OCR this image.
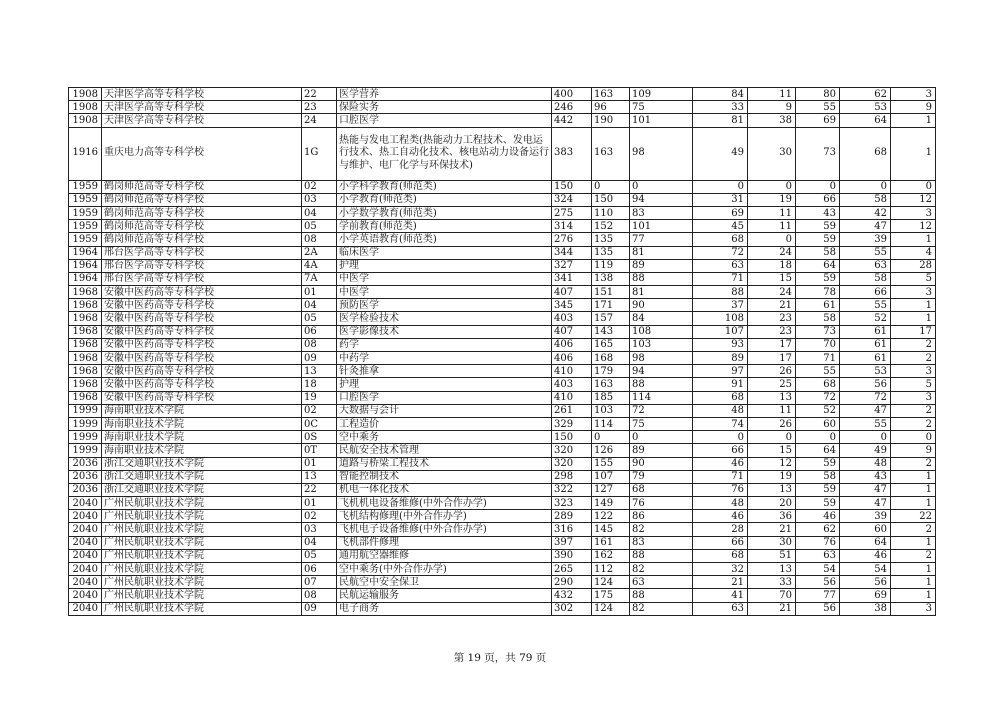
1908	天津医学高等专科学校	22	医学营养	400	163	109	84	11	80	62	3
1908	天津医学高等专科学校	23	保险实务	246	96	75	33	9	55	53	9
1908	天津医学高等专科学校	24	口腔医学	442	190	101	81	38	69	64	1
1916	重庆电力高等专科学校	1G	热能与发电工程类(热能动力工程技术、发电运行技术、热工自动化技术、核电站动力设备运行与维护、电厂化学与环保技术)	383	163	98	49	30	73	68	1
1959	鹤岗师范高等专科学校	02	小学科学教育(师范类)	150	0	0	0	0	0	0	0
1959	鹤岗师范高等专科学校	03	小学教育(师范类)	324	150	94	31	19	66	58	12
1959	鹤岗师范高等专科学校	04	小学数学教育(师范类)	275	110	83	69	11	43	42	3
1959	鹤岗师范高等专科学校	05	学前教育(师范类)	314	152	101	45	11	59	47	12
1959	鹤岗师范高等专科学校	08	小学英语教育(师范类)	276	135	77	68	0	59	39	1
1964	邢台医学高等专科学校	2A	临床医学	344	135	81	72	24	58	55	4
1964	邢台医学高等专科学校	4A	护理	327	119	89	63	18	64	63	28
1964	邢台医学高等专科学校	7A	中医学	341	138	88	71	15	59	58	5
1968	安徽中医药高等专科学校	01	中医学	407	151	81	88	24	78	66	3
1968	安徽中医药高等专科学校	04	预防医学	345	171	90	37	21	61	55	1
1968	安徽中医药高等专科学校	05	医学检验技术	403	157	84	108	23	58	52	1
1968	安徽中医药高等专科学校	06	医学影像技术	407	143	108	107	23	73	61	17
1968	安徽中医药高等专科学校	08	药学	406	165	103	93	17	70	61	2
1968	安徽中医药高等专科学校	09	中药学	406	168	98	89	17	71	61	2
1968	安徽中医药高等专科学校	13	针灸推拿	410	179	94	97	26	55	53	3
1968	安徽中医药高等专科学校	18	护理	403	163	88	91	25	68	56	5
1968	安徽中医药高等专科学校	19	口腔医学	410	185	114	68	13	72	72	3
1999	海南职业技术学院	02	大数据与会计	261	103	72	48	11	52	47	2
1999	海南职业技术学院	0C	工程造价	329	114	75	74	26	60	55	2
1999	海南职业技术学院	0S	空中乘务	150	0	0	0	0	0	0	0
1999	海南职业技术学院	0T	民航安全技术管理	320	126	89	66	15	64	49	9
2036	浙江交通职业技术学院	01	道路与桥梁工程技术	320	155	90	46	12	59	48	2
2036	浙江交通职业技术学院	13	智能控制技术	298	107	79	71	19	58	43	1
2036	浙江交通职业技术学院	22	机电一体化技术	322	127	68	76	13	59	47	1
2040	广州民航职业技术学院	01	飞机机电设备维修(中外合作办学)	323	149	76	48	20	59	47	1
2040	广州民航职业技术学院	02	飞机结构修理(中外合作办学)	289	122	86	46	36	46	39	22
2040	广州民航职业技术学院	03	飞机电子设备维修(中外合作办学)	316	145	82	28	21	62	60	2
2040	广州民航职业技术学院	04	飞机部件修理	397	161	83	66	30	76	64	1
2040	广州民航职业技术学院	05	通用航空器维修	390	162	88	68	51	63	46	2
2040	广州民航职业技术学院	06	空中乘务(中外合作办学)	265	112	82	32	13	54	54	1
2040	广州民航职业技术学院	07	民航空中安全保卫	290	124	63	21	33	56	56	1
2040	广州民航职业技术学院	08	民航运输服务	432	175	88	41	70	77	69	1
2040	广州民航职业技术学院	09	电子商务	302	124	82	63	21	56	38	3
第 19 页，共 79 页
